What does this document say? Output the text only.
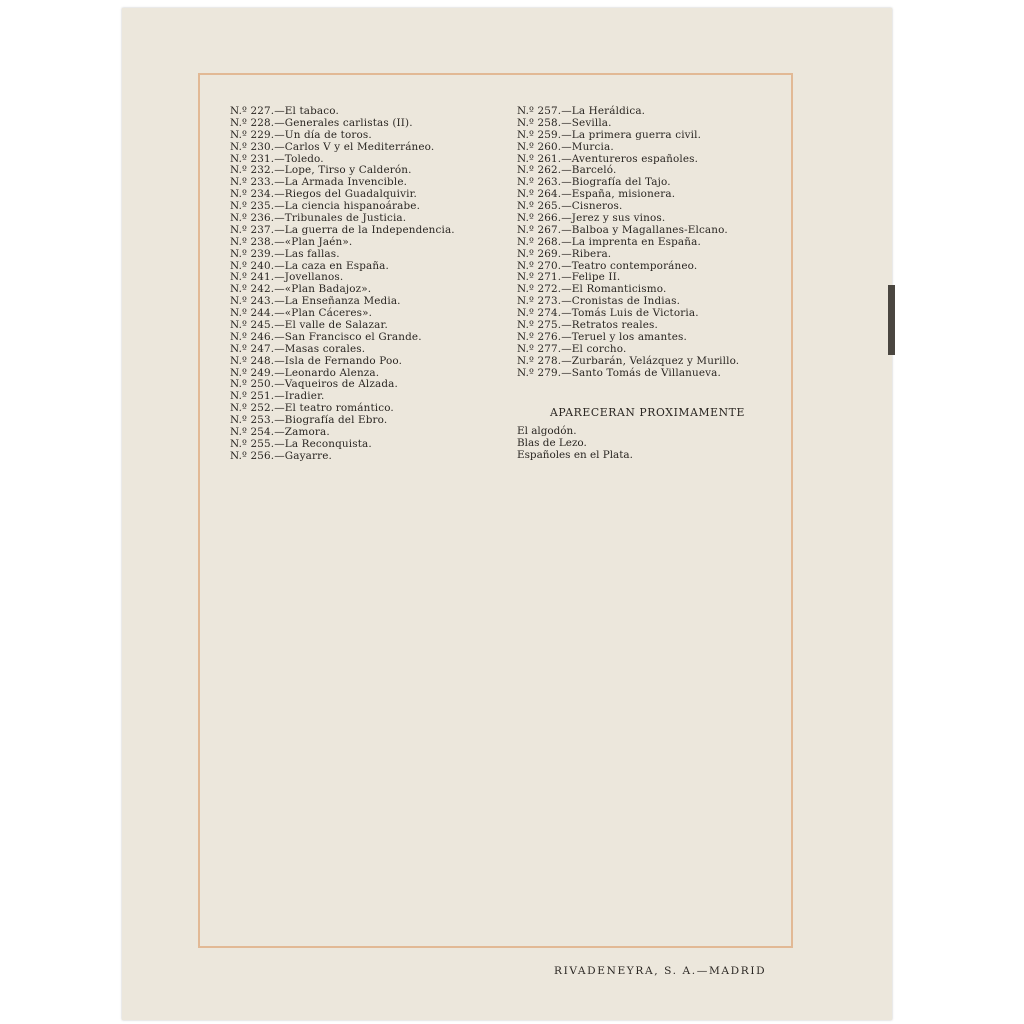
N.º 227.—El tabaco.
N.º 228.—Generales carlistas (II).
N.º 229.—Un día de toros.
N.º 230.—Carlos V y el Mediterráneo.
N.º 231.—Toledo.
N.º 232.—Lope, Tirso y Calderón.
N.º 233.—La Armada Invencible.
N.º 234.—Riegos del Guadalquivir.
N.º 235.—La ciencia hispanoárabe.
N.º 236.—Tribunales de Justicia.
N.º 237.—La guerra de la Independencia.
N.º 238.—«Plan Jaén».
N.º 239.—Las fallas.
N.º 240.—La caza en España.
N.º 241.—Jovellanos.
N.º 242.—«Plan Badajoz».
N.º 243.—La Enseñanza Media.
N.º 244.—«Plan Cáceres».
N.º 245.—El valle de Salazar.
N.º 246.—San Francisco el Grande.
N.º 247.—Masas corales.
N.º 248.—Isla de Fernando Poo.
N.º 249.—Leonardo Alenza.
N.º 250.—Vaqueiros de Alzada.
N.º 251.—Iradier.
N.º 252.—El teatro romántico.
N.º 253.—Biografía del Ebro.
N.º 254.—Zamora.
N.º 255.—La Reconquista.
N.º 256.—Gayarre.
N.º 257.—La Heráldica.
N.º 258.—Sevilla.
N.º 259.—La primera guerra civil.
N.º 260.—Murcia.
N.º 261.—Aventureros españoles.
N.º 262.—Barceló.
N.º 263.—Biografía del Tajo.
N.º 264.—España, misionera.
N.º 265.—Cisneros.
N.º 266.—Jerez y sus vinos.
N.º 267.—Balboa y Magallanes-Elcano.
N.º 268.—La imprenta en España.
N.º 269.—Ribera.
N.º 270.—Teatro contemporáneo.
N.º 271.—Felipe II.
N.º 272.—El Romanticismo.
N.º 273.—Cronistas de Indias.
N.º 274.—Tomás Luis de Victoria.
N.º 275.—Retratos reales.
N.º 276.—Teruel y los amantes.
N.º 277.—El corcho.
N.º 278.—Zurbarán, Velázquez y Murillo.
N.º 279.—Santo Tomás de Villanueva.

APARECERAN PROXIMAMENTE

El algodón.
Blas de Lezo.
Españoles en el Plata.

RIVADENEYRA, S. A.—MADRID
